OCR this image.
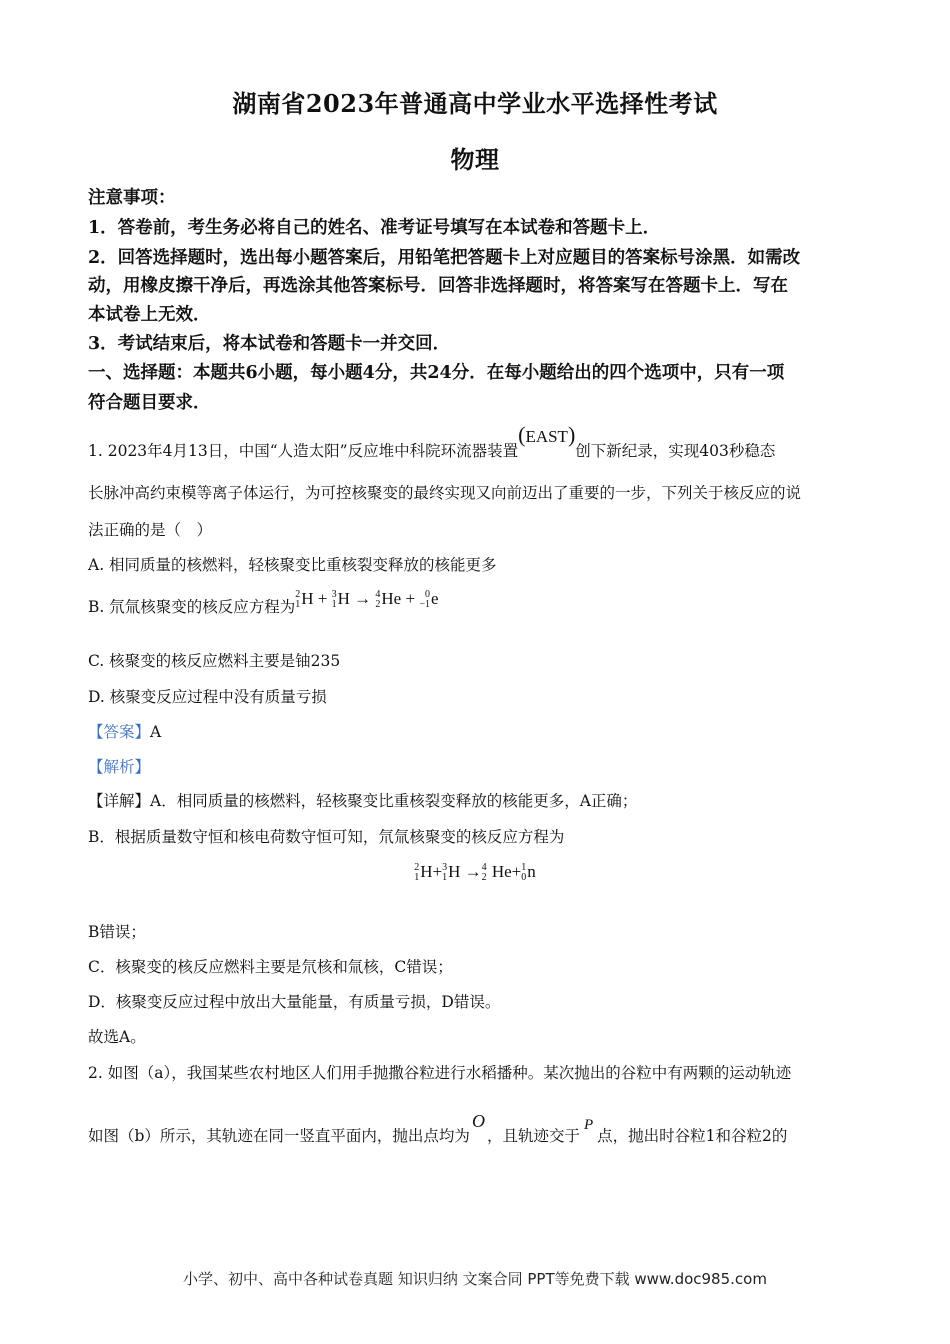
湖南省2023年普通高中学业水平选择性考试
物理
注意事项：
1．答卷前，考生务必将自己的姓名、准考证号填写在本试卷和答题卡上．
2．回答选择题时，选出每小题答案后，用铅笔把答题卡上对应题目的答案标号涂黑．如需改
动，用橡皮擦干净后，再选涂其他答案标号．回答非选择题时，将答案写在答题卡上．写在
本试卷上无效．
3．考试结束后，将本试卷和答题卡一并交回．
一、选择题：本题共6小题，每小题4分，共24分．在每小题给出的四个选项中，只有一项
符合题目要求．
1. 2023年4月13日，中国“人造太阳”反应堆中科院环流器装置(EAST)创下新纪录，实现403秒稳态
长脉冲高约束模等离子体运行，为可控核聚变的最终实现又向前迈出了重要的一步，下列关于核反应的说
法正确的是（　）
A. 相同质量的核燃料，轻核聚变比重核裂变释放的核能更多
B. 氘氚核聚变的核反应方程为
2
1 H + 3
1 H → 4
2 He + 0
−1 e
C. 核聚变的核反应燃料主要是铀235
D. 核聚变反应过程中没有质量亏损
【答案】A
【解析】
【详解】A．相同质量的核燃料，轻核聚变比重核裂变释放的核能更多，A正确；
B．根据质量数守恒和核电荷数守恒可知，氘氚核聚变的核反应方程为
2
1 H+ 3
1 H → 4
2 He+ 1
0 n
B错误；
C．核聚变的核反应燃料主要是氘核和氚核，C错误；
D．核聚变反应过程中放出大量能量，有质量亏损，D错误。
故选A。
2. 如图（a），我国某些农村地区人们用手抛撒谷粒进行水稻播种。某次抛出的谷粒中有两颗的运动轨迹
如图（b）所示，其轨迹在同一竖直平面内，抛出点均为O，且轨迹交于P点，抛出时谷粒1和谷粒2的
小学、初中、高中各种试卷真题 知识归纳 文案合同 PPT等免费下载 www.doc985.com
